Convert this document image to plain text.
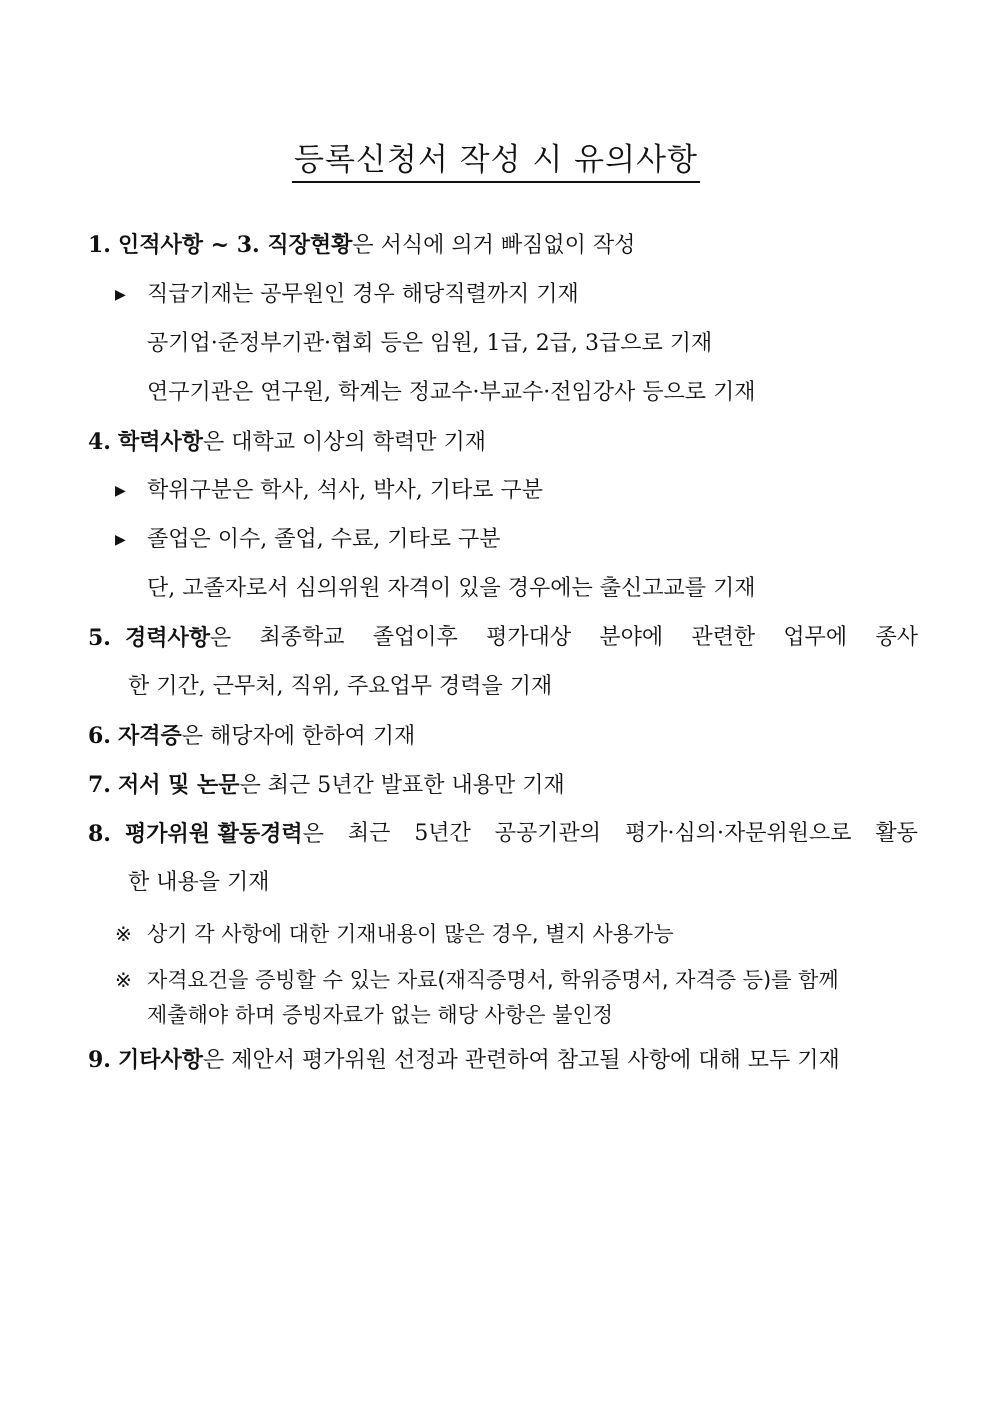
등록신청서 작성 시 유의사항
1. 인적사항 ~ 3. 직장현황은 서식에 의거 빠짐없이 작성
▶ 직급기재는 공무원인 경우 해당직렬까지 기재
공기업·준정부기관·협회 등은 임원, 1급, 2급, 3급으로 기재
연구기관은 연구원, 학계는 정교수·부교수·전임강사 등으로 기재
4. 학력사항은 대학교 이상의 학력만 기재
▶ 학위구분은 학사, 석사, 박사, 기타로 구분
▶ 졸업은 이수, 졸업, 수료, 기타로 구분
단, 고졸자로서 심의위원 자격이 있을 경우에는 출신고교를 기재
5. 경력사항은 최종학교 졸업이후 평가대상 분야에 관련한 업무에 종사
한 기간, 근무처, 직위, 주요업무 경력을 기재
6. 자격증은 해당자에 한하여 기재
7. 저서 및 논문은 최근 5년간 발표한 내용만 기재
8. 평가위원 활동경력은 최근 5년간 공공기관의 평가·심의·자문위원으로 활동
한 내용을 기재
※ 상기 각 사항에 대한 기재내용이 많은 경우, 별지 사용가능
※ 자격요건을 증빙할 수 있는 자료(재직증명서, 학위증명서, 자격증 등)를 함께
제출해야 하며 증빙자료가 없는 해당 사항은 불인정
9. 기타사항은 제안서 평가위원 선정과 관련하여 참고될 사항에 대해 모두 기재
